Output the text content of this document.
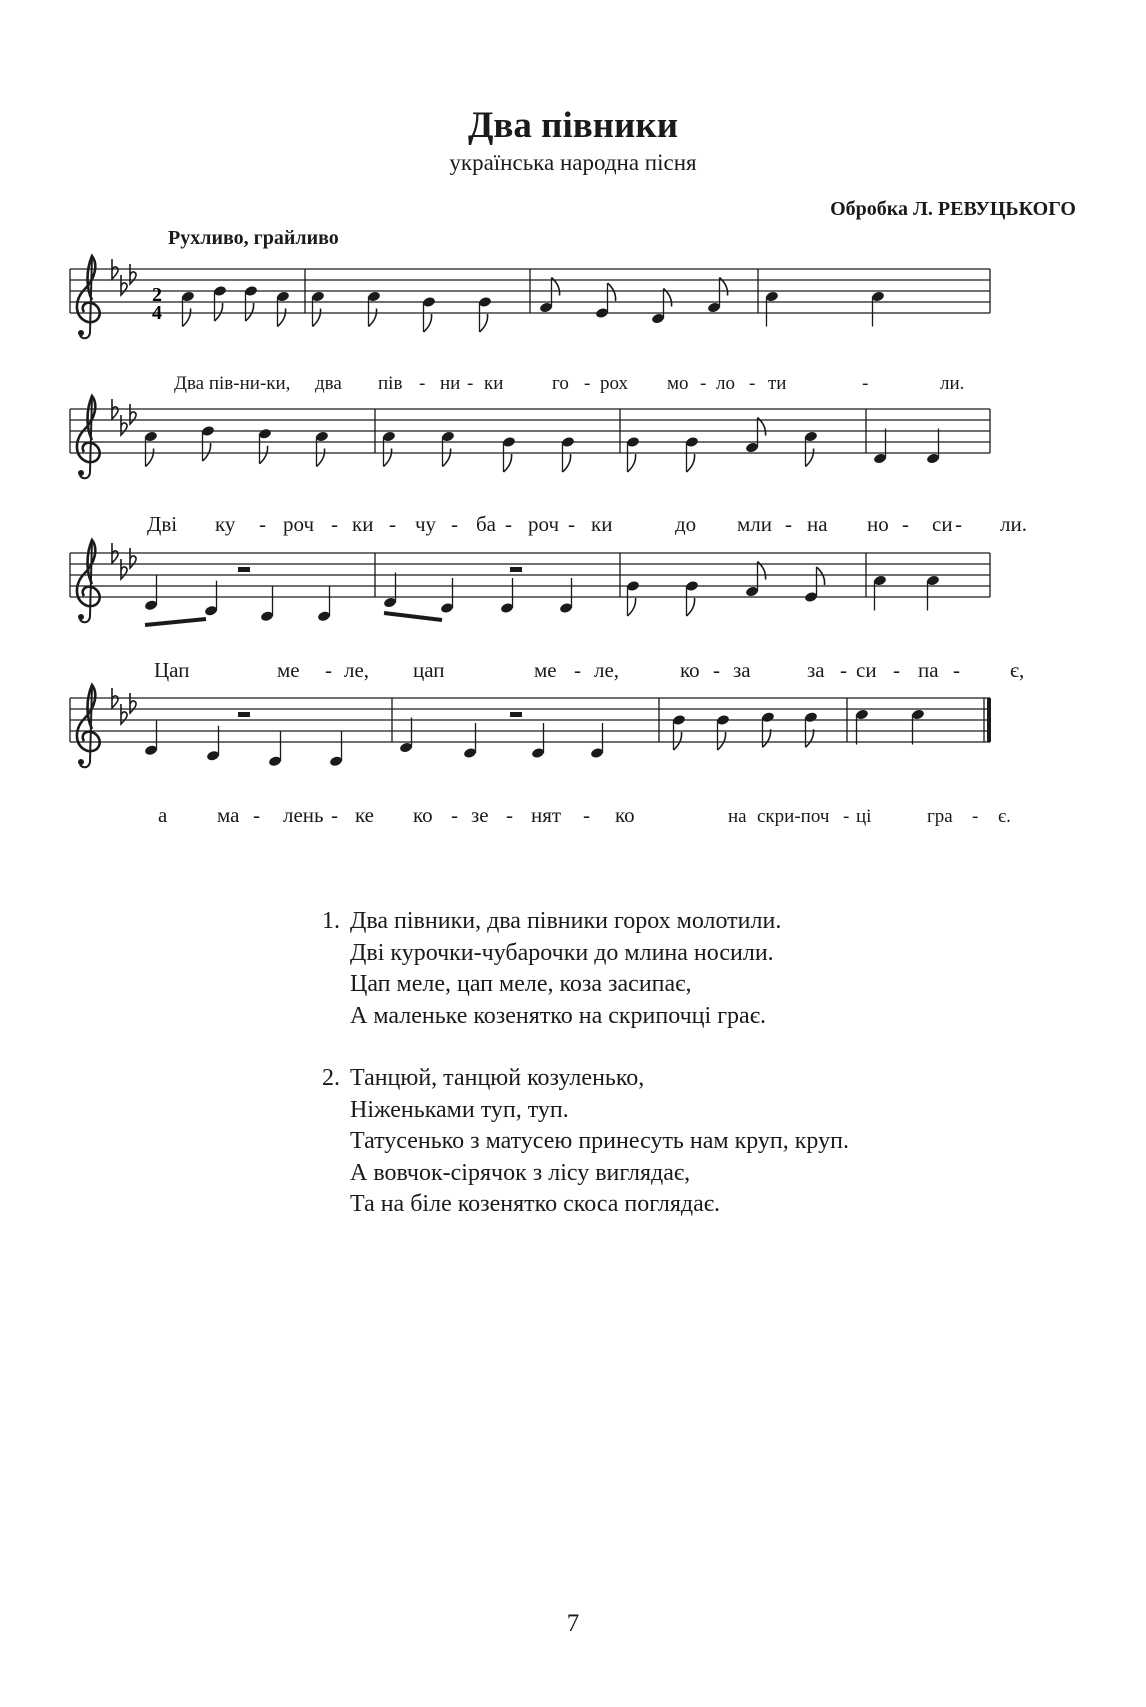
Два півники
українська народна пісня
Обробка Л. РЕВУЦЬКОГО
Рухливо, грайливо
2
4
Два пів-ни-ки, два пів - ни - ки	го - рох мо - ло - ти	-	ли.
Дві ку - роч - ки - чу - ба - роч - ки	до мли - на но - си - ли.
Цап	ме - ле, цап	ме - ле,	ко - за	за - си - па - є,
а ма - лень - ке ко - зе - нят - ко	на скри-поч - ці	гра - є.
1. Два півники, два півники горох молотили.
Дві курочки-чубарочки до млина носили.
Цап меле, цап меле, коза засипає,
А маленьке козенятко на скрипочці грає.
2. Танцюй, танцюй козуленько,
Ніженьками туп, туп.
Татусенько з матусею принесуть нам круп, круп.
А вовчок-сірячок з лісу виглядає,
Та на біле козенятко скоса поглядає.
7
